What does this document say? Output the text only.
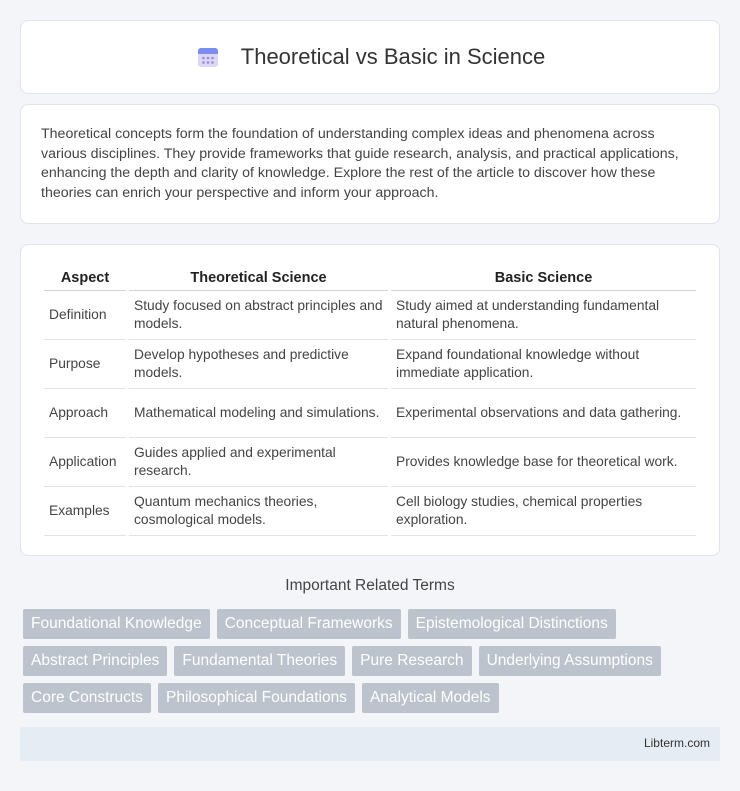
Theoretical vs Basic in Science

Theoretical concepts form the foundation of understanding complex ideas and phenomena across various disciplines. They provide frameworks that guide research, analysis, and practical applications, enhancing the depth and clarity of knowledge. Explore the rest of the article to discover how these theories can enrich your perspective and inform your approach.

Aspect	Theoretical Science	Basic Science
Definition	Study focused on abstract principles and models.	Study aimed at understanding fundamental natural phenomena.
Purpose	Develop hypotheses and predictive models.	Expand foundational knowledge without immediate application.
Approach	Mathematical modeling and simulations.	Experimental observations and data gathering.
Application	Guides applied and experimental research.	Provides knowledge base for theoretical work.
Examples	Quantum mechanics theories, cosmological models.	Cell biology studies, chemical properties exploration.
Important Related Terms
Foundational Knowledge	Conceptual Frameworks	Epistemological Distinctions
Abstract Principles	Fundamental Theories	Pure Research	Underlying Assumptions
Core Constructs	Philosophical Foundations	Analytical Models
Libterm.com
